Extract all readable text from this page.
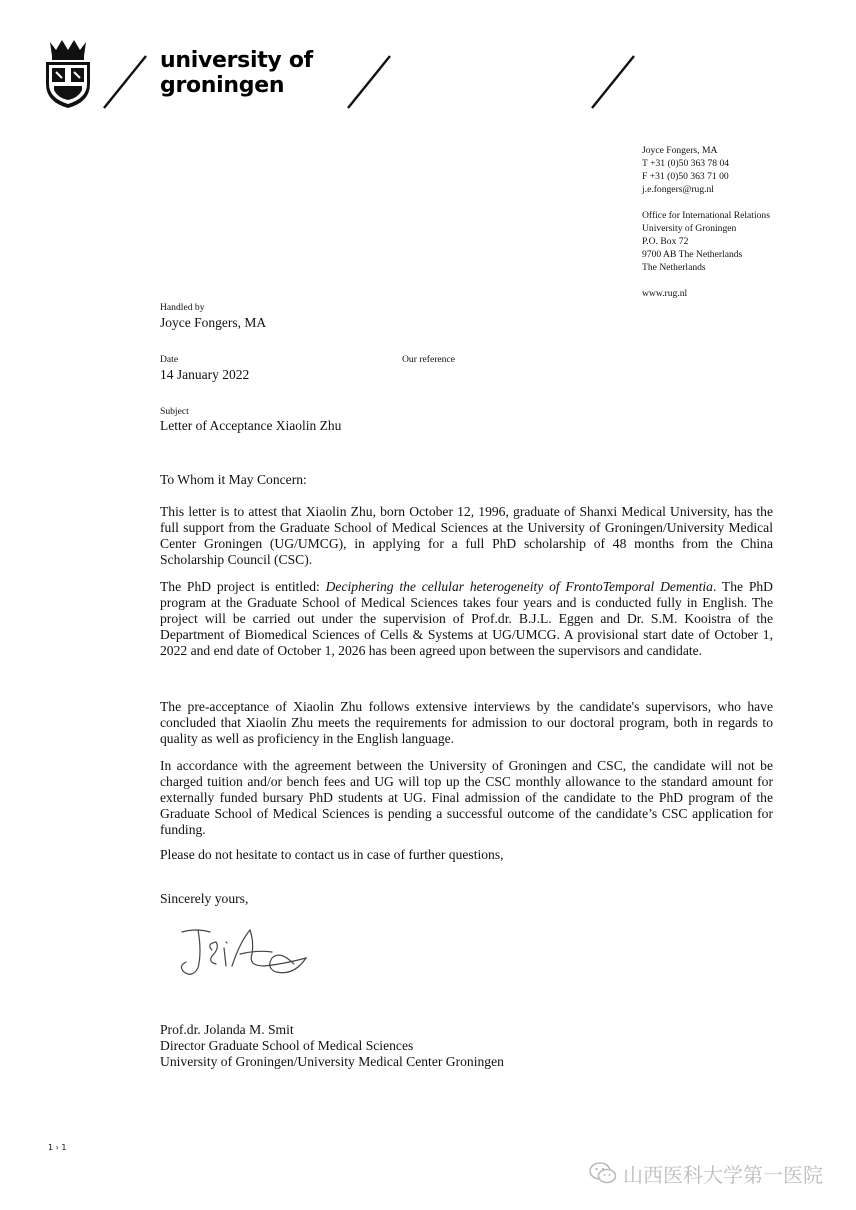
university of
groningen
Joyce Fongers, MA
T +31 (0)50 363 78 04
F +31 (0)50 363 71 00
j.e.fongers@rug.nl
Office for International Relations
University of Groningen
P.O. Box 72
9700 AB The Netherlands
The Netherlands
www.rug.nl
Handled by
Joyce Fongers, MA
Date	Our reference
14 January 2022
Subject
Letter of Acceptance Xiaolin Zhu

To Whom it May Concern:

This letter is to attest that Xiaolin Zhu, born October 12, 1996, graduate of Shanxi Medical University, has the full support from the Graduate School of Medical Sciences at the University of Groningen/University Medical Center Groningen (UG/UMCG), in applying for a full PhD scholarship of 48 months from the China Scholarship Council (CSC).

The PhD project is entitled: Deciphering the cellular heterogeneity of FrontoTemporal Dementia. The PhD program at the Graduate School of Medical Sciences takes four years and is conducted fully in English. The project will be carried out under the supervision of Prof.dr. B.J.L. Eggen and Dr. S.M. Kooistra of the Department of Biomedical Sciences of Cells & Systems at UG/UMCG. A provisional start date of October 1, 2022 and end date of October 1, 2026 has been agreed upon between the supervisors and candidate.

The pre-acceptance of Xiaolin Zhu follows extensive interviews by the candidate's supervisors, who have concluded that Xiaolin Zhu meets the requirements for admission to our doctoral program, both in regards to quality as well as proficiency in the English language.

In accordance with the agreement between the University of Groningen and CSC, the candidate will not be charged tuition and/or bench fees and UG will top up the CSC monthly allowance to the standard amount for externally funded bursary PhD students at UG. Final admission of the candidate to the PhD program of the Graduate School of Medical Sciences is pending a successful outcome of the candidate’s CSC application for funding.

Please do not hesitate to contact us in case of further questions,

Sincerely yours,

Prof.dr. Jolanda M. Smit

Director Graduate School of Medical Sciences

University of Groningen/University Medical Center Groningen

1 › 1
山西医科大学第一医院
